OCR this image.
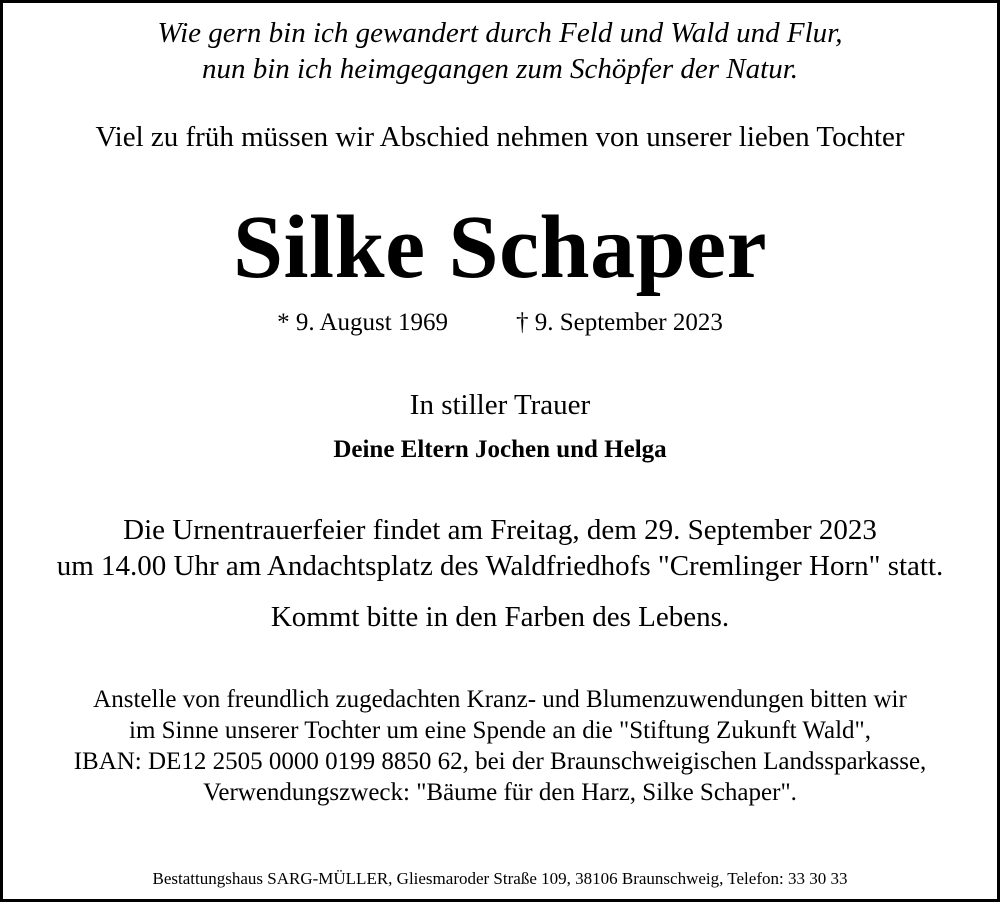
Wie gern bin ich gewandert durch Feld und Wald und Flur,

nun bin ich heimgegangen zum Schöpfer der Natur.

Viel zu früh müssen wir Abschied nehmen von unserer lieben Tochter

Silke Schaper
* 9. August 1969	† 9. September 2023

In stiller Trauer

Deine Eltern Jochen und Helga

Die Urnentrauerfeier findet am Freitag, dem 29. September 2023

um 14.00 Uhr am Andachtsplatz des Waldfriedhofs "Cremlinger Horn" statt.

Kommt bitte in den Farben des Lebens.

Anstelle von freundlich zugedachten Kranz- und Blumenzuwendungen bitten wir

im Sinne unserer Tochter um eine Spende an die "Stiftung Zukunft Wald",

IBAN: DE12 2505 0000 0199 8850 62, bei der Braunschweigischen Landssparkasse,

Verwendungszweck: "Bäume für den Harz, Silke Schaper".

Bestattungshaus SARG-MÜLLER, Gliesmaroder Straße 109, 38106 Braunschweig, Telefon: 33 30 33
